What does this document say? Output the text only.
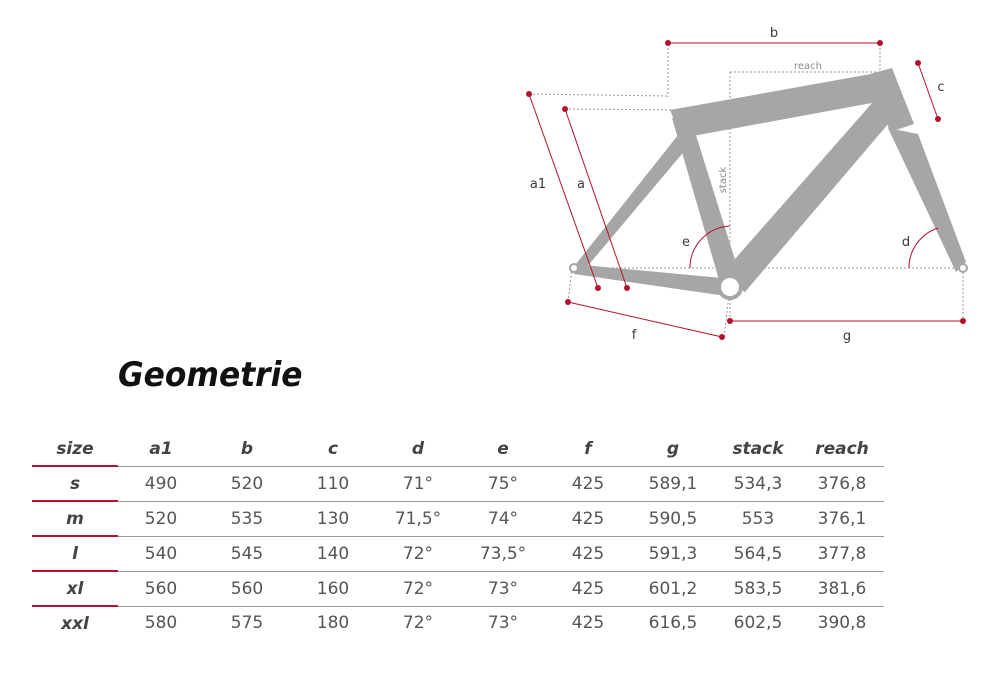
b
reach
c
a1 a	stack
e	d
f	g
Geometrie
size	a1	b	c	d	e	f	g	stack	reach
s	490	520	110	71°	75°	425	589,1	534,3	376,8
m	520	535	130	71,5°	74°	425	590,5	553	376,1
l	540	545	140	72°	73,5°	425	591,3	564,5	377,8
xl	560	560	160	72°	73°	425	601,2	583,5	381,6
xxl	580	575	180	72°	73°	425	616,5	602,5	390,8
